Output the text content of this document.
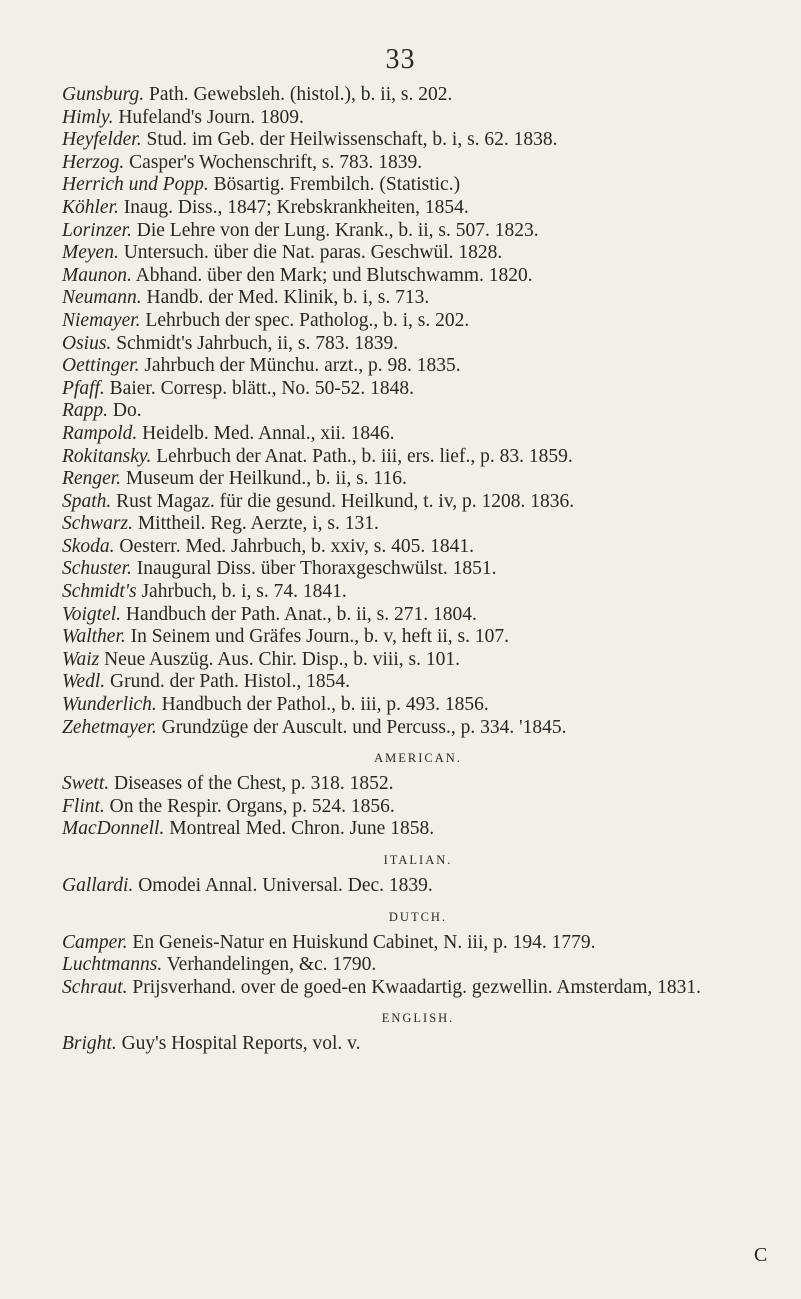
33
Gunsburg. Path. Gewebsleh. (histol.), b. ii, s. 202.
Himly. Hufeland's Journ. 1809.
Heyfelder. Stud. im Geb. der Heilwissenschaft, b. i, s. 62. 1838.
Herzog. Casper's Wochenschrift, s. 783. 1839.
Herrich und Popp. Bösartig. Frembilch. (Statistic.)
Köhler. Inaug. Diss., 1847; Krebskrankheiten, 1854.
Lorinzer. Die Lehre von der Lung. Krank., b. ii, s. 507. 1823.
Meyen. Untersuch. über die Nat. paras. Geschwül. 1828.
Maunon. Abhand. über den Mark; und Blutschwamm. 1820.
Neumann. Handb. der Med. Klinik, b. i, s. 713.
Niemayer. Lehrbuch der spec. Patholog., b. i, s. 202.
Osius. Schmidt's Jahrbuch, ii, s. 783. 1839.
Oettinger. Jahrbuch der Münchu. arzt., p. 98. 1835.
Pfaff. Baier. Corresp. blätt., No. 50-52. 1848.
Rapp. Do.
Rampold. Heidelb. Med. Annal., xii. 1846.
Rokitansky. Lehrbuch der Anat. Path., b. iii, ers. lief., p. 83. 1859.
Renger. Museum der Heilkund., b. ii, s. 116.
Spath. Rust Magaz. für die gesund. Heilkund, t. iv, p. 1208. 1836.
Schwarz. Mittheil. Reg. Aerzte, i, s. 131.
Skoda. Oesterr. Med. Jahrbuch, b. xxiv, s. 405. 1841.
Schuster. Inaugural Diss. über Thoraxgeschwülst. 1851.
Schmidt's Jahrbuch, b. i, s. 74. 1841.
Voigtel. Handbuch der Path. Anat., b. ii, s. 271. 1804.
Walther. In Seinem und Gräfes Journ., b. v, heft ii, s. 107.
Waiz Neue Auszüg. Aus. Chir. Disp., b. viii, s. 101.
Wedl. Grund. der Path. Histol., 1854.
Wunderlich. Handbuch der Pathol., b. iii, p. 493. 1856.
Zehetmayer. Grundzüge der Auscult. und Percuss., p. 334. '1845.
AMERICAN.
Swett. Diseases of the Chest, p. 318. 1852.
Flint. On the Respir. Organs, p. 524. 1856.
MacDonnell. Montreal Med. Chron. June 1858.
ITALIAN.
Gallardi. Omodei Annal. Universal. Dec. 1839.
DUTCH.
Camper. En Geneis-Natur en Huiskund Cabinet, N. iii, p. 194. 1779.
Luchtmanns. Verhandelingen, &c. 1790.
Schraut. Prijsverhand. over de goed-en Kwaadartig. gezwellin. Amsterdam, 1831.
ENGLISH.
Bright. Guy's Hospital Reports, vol. v.
C
